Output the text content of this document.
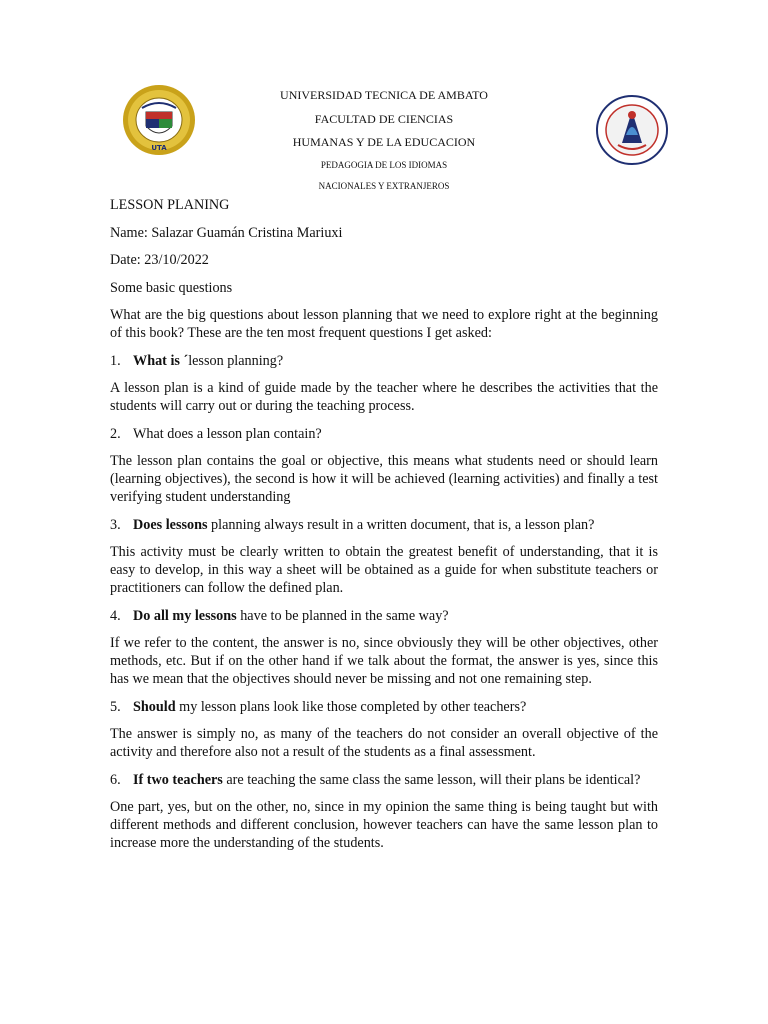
UTA
UNIVERSIDAD TECNICA DE AMBATO
FACULTAD DE CIENCIAS
HUMANAS Y DE LA EDUCACION
PEDAGOGIA DE LOS IDIOMAS
NACIONALES Y EXTRANJEROS

LESSON PLANING

Name: Salazar Guamán Cristina Mariuxi

Date: 23/10/2022

Some basic questions

What are the big questions about lesson planning that we need to explore right at the beginning of this book? These are the ten most frequent questions I get asked:

1. What is ´lesson planning?

A lesson plan is a kind of guide made by the teacher where he describes the activities that the students will carry out or during the teaching process.

2. What does a lesson plan contain?

The lesson plan contains the goal or objective, this means what students need or should learn (learning objectives), the second is how it will be achieved (learning activities) and finally a test verifying student understanding

3. Does lessons planning always result in a written document, that is, a lesson plan?

This activity must be clearly written to obtain the greatest benefit of understanding, that it is easy to develop, in this way a sheet will be obtained as a guide for when substitute teachers or practitioners can follow the defined plan.

4. Do all my lessons have to be planned in the same way?

If we refer to the content, the answer is no, since obviously they will be other objectives, other methods, etc. But if on the other hand if we talk about the format, the answer is yes, since this has we mean that the objectives should never be missing and not one remaining step.

5. Should my lesson plans look like those completed by other teachers?

The answer is simply no, as many of the teachers do not consider an overall objective of the activity and therefore also not a result of the students as a final assessment.

6. If two teachers are teaching the same class the same lesson, will their plans be identical?

One part, yes, but on the other, no, since in my opinion the same thing is being taught but with different methods and different conclusion, however teachers can have the same lesson plan to increase more the understanding of the students.
